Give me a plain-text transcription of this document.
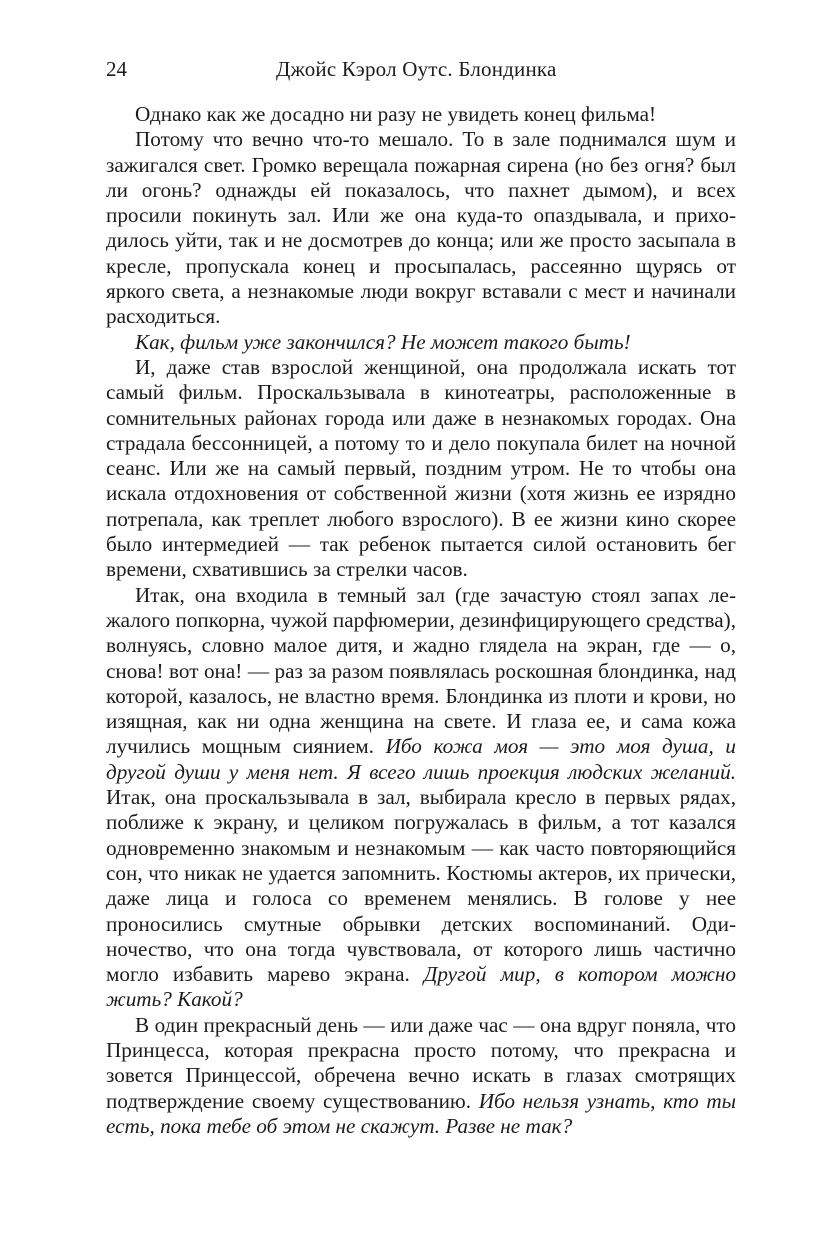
24	Джойс Кэрол Оутс. Блондинка

Однако как же досадно ни разу не увидеть конец фильма!

Потому что вечно что-то мешало. То в зале поднимался шум и зажигался свет. Громко верещала пожарная сирена (но без огня? был ли огонь? однажды ей показалось, что пахнет дымом), и всех просили покинуть зал. Или же она куда-то опаздывала, и приходилось уйти, так и не досмотрев до конца; или же просто засыпала в кресле, пропускала конец и просыпалась, рассеянно щурясь от яркого света, а незнакомые люди вокруг вставали с мест и начинали расходиться.

Как, фильм уже закончился? Не может такого быть!

И, даже став взрослой женщиной, она продолжала искать тот самый фильм. Проскальзывала в кинотеатры, расположенные в сомнительных районах города или даже в незнакомых городах. Она страдала бессонницей, а потому то и дело покупала билет на ночной сеанс. Или же на самый первый, поздним утром. Не то чтобы она искала отдохновения от собственной жизни (хотя жизнь ее изрядно потрепала, как треплет любого взрослого). В ее жизни кино скорее было интермедией — так ребенок пытается силой остановить бег времени, схватившись за стрелки часов.

Итак, она входила в темный зал (где зачастую стоял запах лежалого попкорна, чужой парфюмерии, дезинфицирующего средства), волнуясь, словно малое дитя, и жадно глядела на экран, где — о, снова! вот она! — раз за разом появлялась роскошная блондинка, над которой, казалось, не властно время. Блондинка из плоти и крови, но изящная, как ни одна женщина на свете. И глаза ее, и сама кожа лучились мощным сиянием. Ибо кожа моя — это моя душа, и другой души у меня нет. Я всего лишь проекция людских желаний. Итак, она проскальзывала в зал, выбирала кресло в первых рядах, поближе к экрану, и целиком погружалась в фильм, а тот казался одновременно знакомым и незнакомым — как часто повторяющийся сон, что никак не удается запомнить. Костюмы актеров, их прически, даже лица и голоса со временем менялись. В голове у нее проносились смутные обрывки детских воспоминаний. Одиночество, что она тогда чувствовала, от которого лишь частично могло избавить марево экрана. Другой мир, в котором можно жить? Какой?

В один прекрасный день — или даже час — она вдруг поняла, что Принцесса, которая прекрасна просто потому, что прекрасна и зовется Принцессой, обречена вечно искать в глазах смотрящих подтверждение своему существованию. Ибо нельзя узнать, кто ты есть, пока тебе об этом не скажут. Разве не так?
